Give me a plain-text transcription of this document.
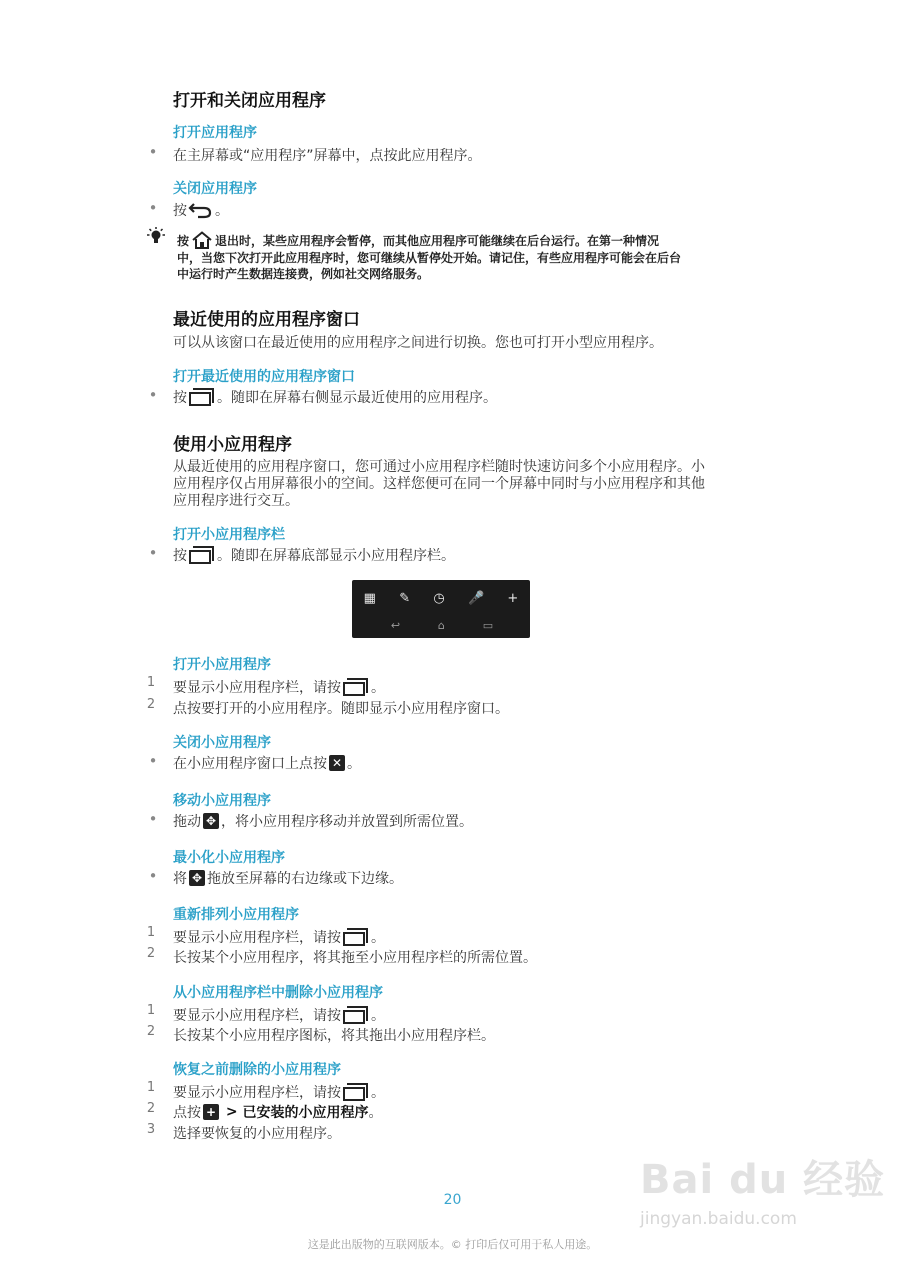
打开和关闭应用程序
打开应用程序
• 在主屏幕或“应用程序”屏幕中，点按此应用程序。
关闭应用程序
• 按 。
按 退出时，某些应用程序会暂停，而其他应用程序可能继续在后台运行。在第一种情况
中，当您下次打开此应用程序时，您可继续从暂停处开始。请记住，有些应用程序可能会在后台
中运行时产生数据连接费，例如社交网络服务。
最近使用的应用程序窗口
可以从该窗口在最近使用的应用程序之间进行切换。您也可打开小型应用程序。
打开最近使用的应用程序窗口
• 按 。随即在屏幕右侧显示最近使用的应用程序。
使用小应用程序
从最近使用的应用程序窗口，您可通过小应用程序栏随时快速访问多个小应用程序。小
应用程序仅占用屏幕很小的空间。这样您便可在同一个屏幕中同时与小应用程序和其他
应用程序进行交互。
打开小应用程序栏
• 按 。随即在屏幕底部显示小应用程序栏。
▦ ✎ ◷ 🎤 +
↩	⌂	▭
打开小应用程序
1 要显示小应用程序栏，请按 。
2 点按要打开的小应用程序。随即显示小应用程序窗口。
关闭小应用程序
• 在小应用程序窗口上点按 ✕ 。
移动小应用程序
• 拖动 ✥ ，将小应用程序移动并放置到所需位置。
最小化小应用程序
• 将 ✥ 拖放至屏幕的右边缘或下边缘。
重新排列小应用程序
1 要显示小应用程序栏，请按 。
2 长按某个小应用程序，将其拖至小应用程序栏的所需位置。
从小应用程序栏中删除小应用程序
1 要显示小应用程序栏，请按 。
2 长按某个小应用程序图标，将其拖出小应用程序栏。
恢复之前删除的小应用程序
1 要显示小应用程序栏，请按 。
2 点按 + > 已安装的小应用程序 。
3 选择要恢复的小应用程序。
Bai du 经验
jingyan.baidu.com
20
这是此出版物的互联网版本。© 打印后仅可用于私人用途。
